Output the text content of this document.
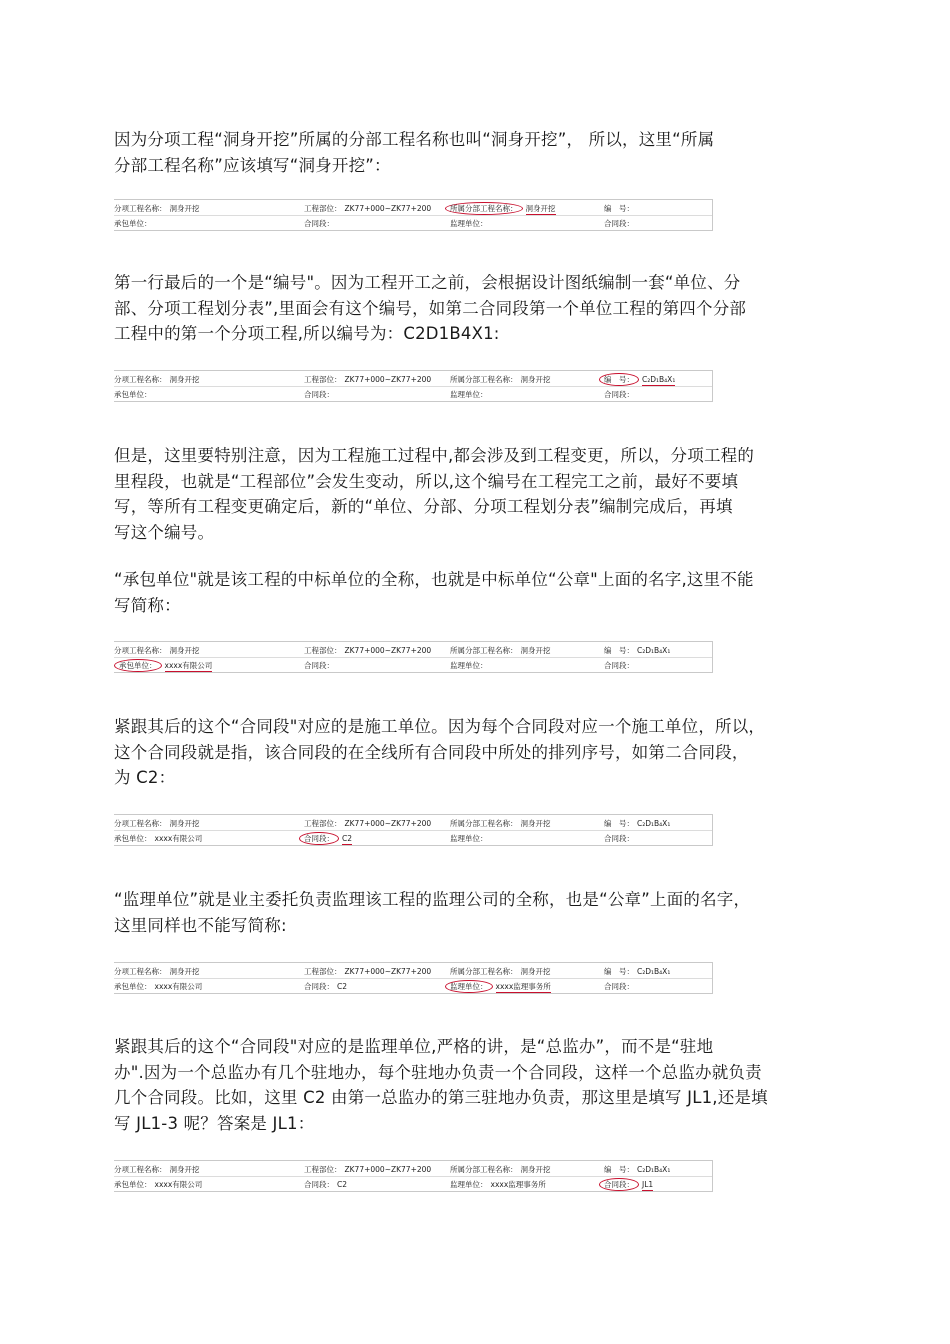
因为分项工程“洞身开挖”所属的分部工程名称也叫“洞身开挖”， 所以，这里“所属
分部工程名称”应该填写“洞身开挖”：
分项工程名称： 洞身开挖	工程部位： ZK77+000~ZK77+200	所属分部工程名称： 洞身开挖	编　号：
承包单位：	合同段：	监理单位：	合同段：
第一行最后的一个是“编号"。因为工程开工之前，会根据设计图纸编制一套“单位、分
部、分项工程划分表”,里面会有这个编号，如第二合同段第一个单位工程的第四个分部
工程中的第一个分项工程,所以编号为：C2D1B4X1:
分项工程名称： 洞身开挖	工程部位： ZK77+000~ZK77+200	所属分部工程名称： 洞身开挖	编　号： C₂D₁B₄X₁
承包单位：	合同段：	监理单位：	合同段：
但是，这里要特别注意，因为工程施工过程中,都会涉及到工程变更，所以，分项工程的
里程段，也就是“工程部位”会发生变动，所以,这个编号在工程完工之前，最好不要填
写，等所有工程变更确定后，新的“单位、分部、分项工程划分表”编制完成后，再填
写这个编号。
“承包单位"就是该工程的中标单位的全称，也就是中标单位“公章"上面的名字,这里不能
写简称：
分项工程名称： 洞身开挖	工程部位： ZK77+000~ZK77+200	所属分部工程名称： 洞身开挖	编　号： C₂D₁B₄X₁
承包单位： xxxx有限公司	合同段：	监理单位：	合同段：
紧跟其后的这个“合同段"对应的是施工单位。因为每个合同段对应一个施工单位，所以，
这个合同段就是指，该合同段的在全线所有合同段中所处的排列序号，如第二合同段，
为 C2：
分项工程名称： 洞身开挖	工程部位： ZK77+000~ZK77+200	所属分部工程名称： 洞身开挖	编　号： C₂D₁B₄X₁
承包单位： xxxx有限公司	合同段： C2	监理单位：	合同段：
“监理单位”就是业主委托负责监理该工程的监理公司的全称，也是“公章”上面的名字，
这里同样也不能写简称:
分项工程名称： 洞身开挖	工程部位： ZK77+000~ZK77+200	所属分部工程名称： 洞身开挖	编　号： C₂D₁B₄X₁
承包单位： xxxx有限公司	合同段： C2	监理单位： xxxx监理事务所	合同段：
紧跟其后的这个“合同段"对应的是监理单位,严格的讲，是“总监办”，而不是“驻地
办".因为一个总监办有几个驻地办，每个驻地办负责一个合同段，这样一个总监办就负责
几个合同段。比如，这里 C2 由第一总监办的第三驻地办负责，那这里是填写 JL1,还是填
写 JL1-3 呢？答案是 JL1：
分项工程名称： 洞身开挖	工程部位： ZK77+000~ZK77+200	所属分部工程名称： 洞身开挖	编　号： C₂D₁B₄X₁
承包单位： xxxx有限公司	合同段： C2	监理单位： xxxx监理事务所	合同段： JL1
